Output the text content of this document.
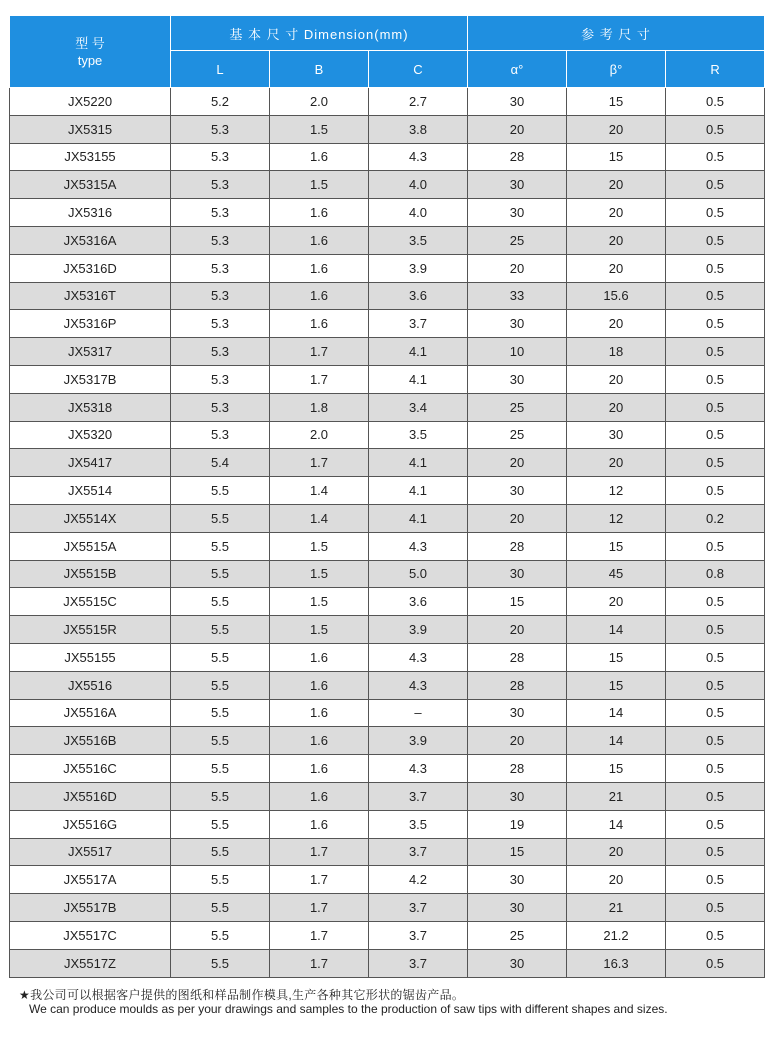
型 号
type	基 本 尺 寸 Dimension(mm)			参 考 尺 寸		
	L	B	C	α°	β°	R
JX5220	5.2	2.0	2.7	30	15	0.5
JX5315	5.3	1.5	3.8	20	20	0.5
JX53155	5.3	1.6	4.3	28	15	0.5
JX5315A	5.3	1.5	4.0	30	20	0.5
JX5316	5.3	1.6	4.0	30	20	0.5
JX5316A	5.3	1.6	3.5	25	20	0.5
JX5316D	5.3	1.6	3.9	20	20	0.5
JX5316T	5.3	1.6	3.6	33	15.6	0.5
JX5316P	5.3	1.6	3.7	30	20	0.5
JX5317	5.3	1.7	4.1	10	18	0.5
JX5317B	5.3	1.7	4.1	30	20	0.5
JX5318	5.3	1.8	3.4	25	20	0.5
JX5320	5.3	2.0	3.5	25	30	0.5
JX5417	5.4	1.7	4.1	20	20	0.5
JX5514	5.5	1.4	4.1	30	12	0.5
JX5514X	5.5	1.4	4.1	20	12	0.2
JX5515A	5.5	1.5	4.3	28	15	0.5
JX5515B	5.5	1.5	5.0	30	45	0.8
JX5515C	5.5	1.5	3.6	15	20	0.5
JX5515R	5.5	1.5	3.9	20	14	0.5
JX55155	5.5	1.6	4.3	28	15	0.5
JX5516	5.5	1.6	4.3	28	15	0.5
JX5516A	5.5	1.6	–	30	14	0.5
JX5516B	5.5	1.6	3.9	20	14	0.5
JX5516C	5.5	1.6	4.3	28	15	0.5
JX5516D	5.5	1.6	3.7	30	21	0.5
JX5516G	5.5	1.6	3.5	19	14	0.5
JX5517	5.5	1.7	3.7	15	20	0.5
JX5517A	5.5	1.7	4.2	30	20	0.5
JX5517B	5.5	1.7	3.7	30	21	0.5
JX5517C	5.5	1.7	3.7	25	21.2	0.5
JX5517Z	5.5	1.7	3.7	30	16.3	0.5
★我公司可以根据客户提供的图纸和样品制作模具,生产各种其它形状的锯齿产品。
We can produce moulds as per your drawings and samples to the production of saw tips with different shapes and sizes.
